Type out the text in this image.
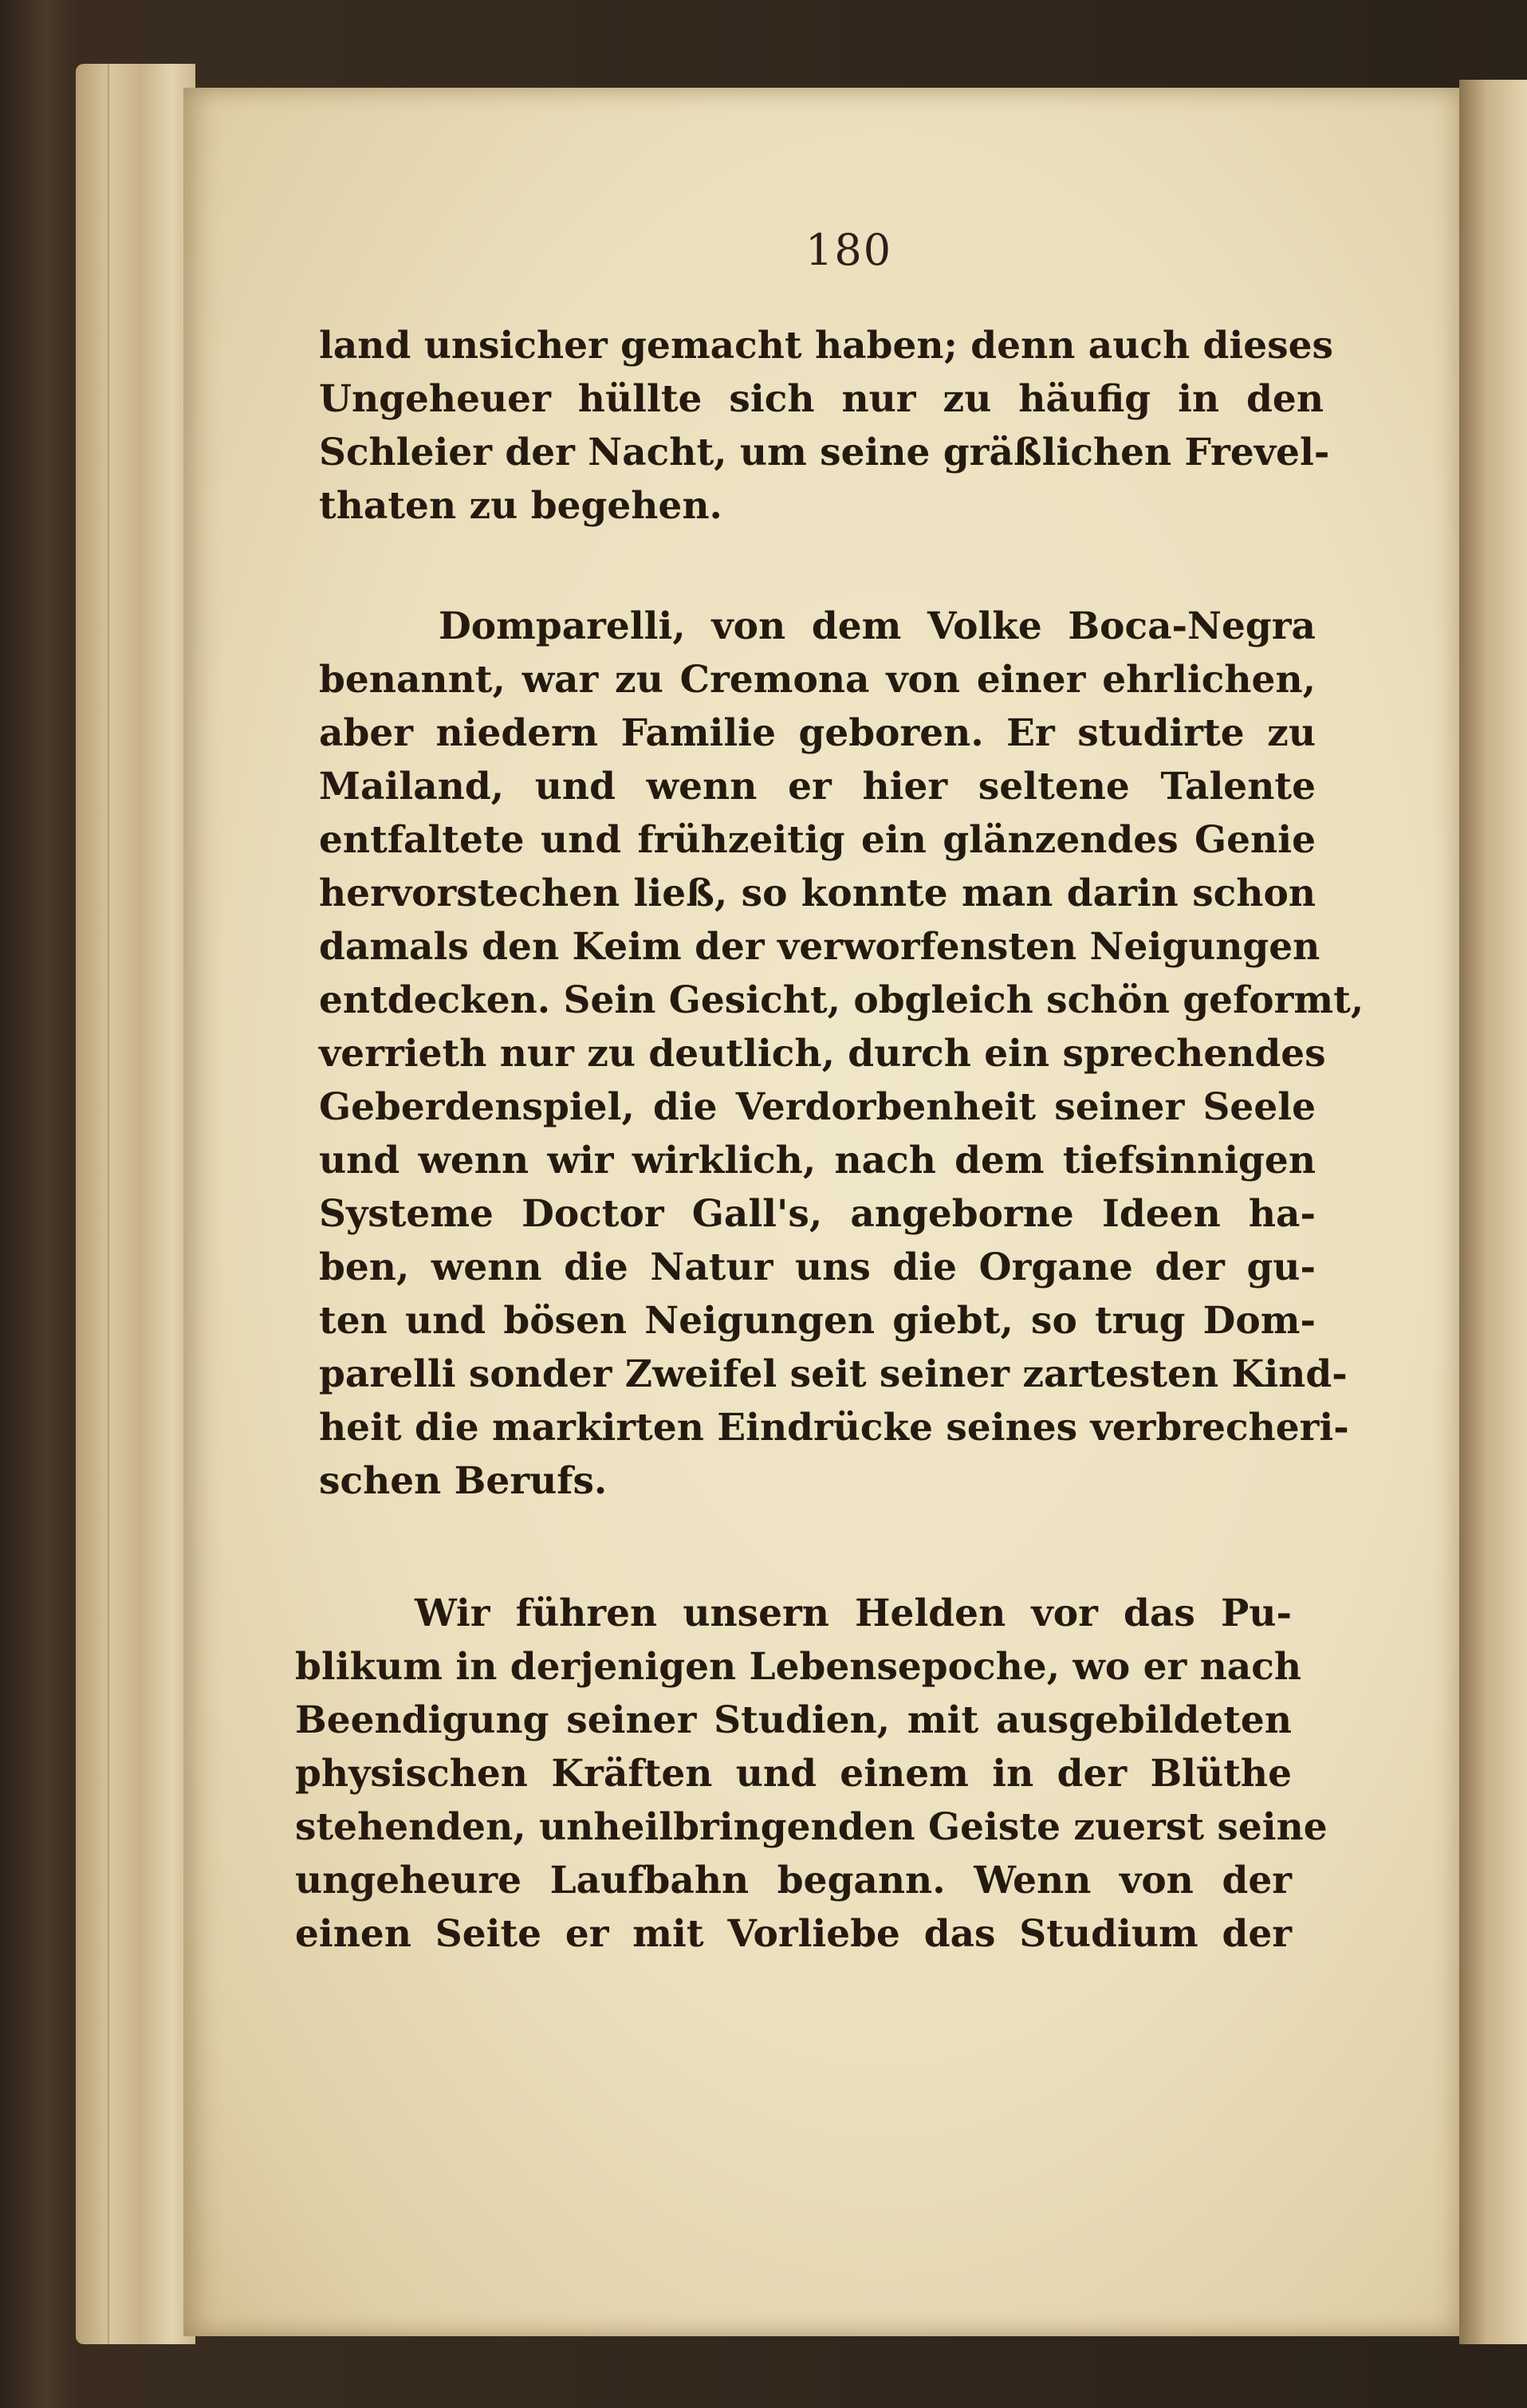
180
land unsicher gemacht haben; denn auch dieses
Ungeheuer hüllte sich nur zu häufig in den
Schleier der Nacht, um seine gräßlichen Frevel-
thaten zu begehen.
Domparelli, von dem Volke Boca-Negra
benannt, war zu Cremona von einer ehrlichen,
aber niedern Familie geboren. Er studirte zu
Mailand, und wenn er hier seltene Talente
entfaltete und frühzeitig ein glänzendes Genie
hervorstechen ließ, so konnte man darin schon
damals den Keim der verworfensten Neigungen
entdecken. Sein Gesicht, obgleich schön geformt,
verrieth nur zu deutlich, durch ein sprechendes
Geberdenspiel, die Verdorbenheit seiner Seele
und wenn wir wirklich, nach dem tiefsinnigen
Systeme Doctor Gall's, angeborne Ideen ha-
ben, wenn die Natur uns die Organe der gu-
ten und bösen Neigungen giebt, so trug Dom-
parelli sonder Zweifel seit seiner zartesten Kind-
heit die markirten Eindrücke seines verbrecheri-
schen Berufs.
Wir führen unsern Helden vor das Pu-
blikum in derjenigen Lebensepoche, wo er nach
Beendigung seiner Studien, mit ausgebildeten
physischen Kräften und einem in der Blüthe
stehenden, unheilbringenden Geiste zuerst seine
ungeheure Laufbahn begann. Wenn von der
einen Seite er mit Vorliebe das Studium der
